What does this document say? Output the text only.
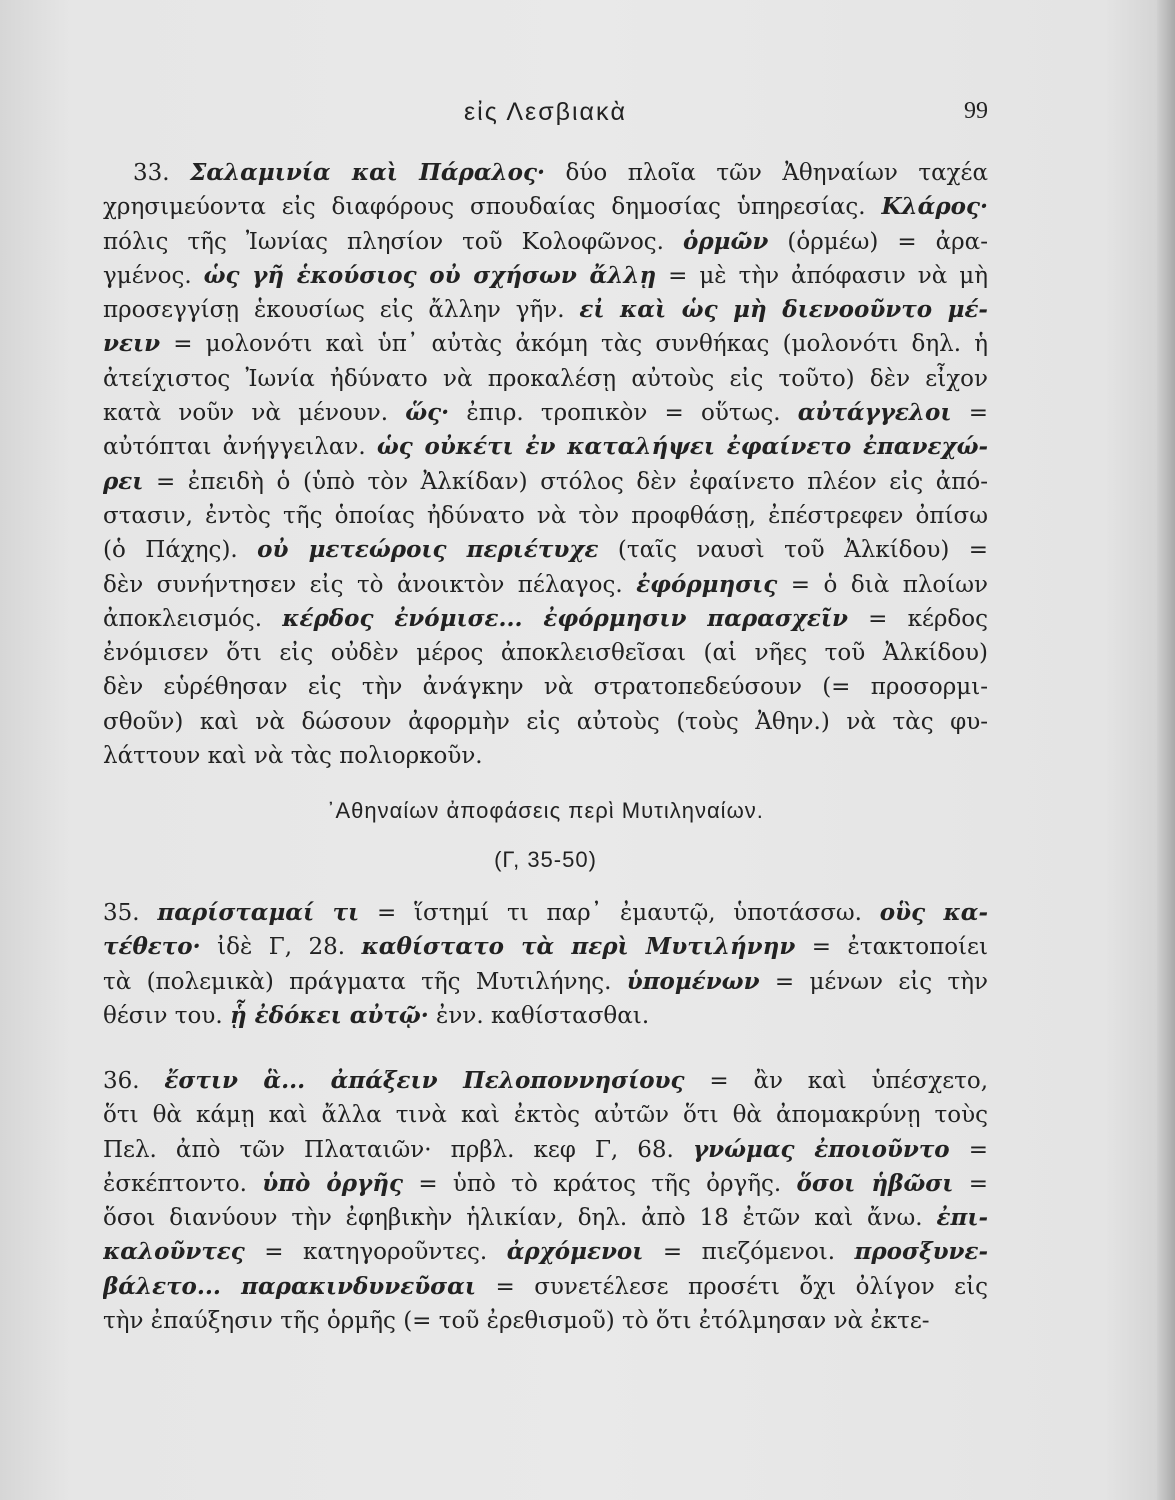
εἰς Λεσβιακὰ	99
33. Σαλαμινία καὶ Πάραλος· δύο πλοῖα τῶν Ἀθηναίων ταχέα
χρησιμεύοντα εἰς διαφόρους σπουδαίας δημοσίας ὑπηρεσίας. Κλάρος·
πόλις τῆς Ἰωνίας πλησίον τοῦ Κολοφῶνος. ὁρμῶν (ὁρμέω) = ἀρα-
γμένος. ὡς γῆ ἑκούσιος οὐ σχήσων ἄλλῃ = μὲ τὴν ἀπόφασιν νὰ μὴ
προσεγγίσῃ ἑκουσίως εἰς ἄλλην γῆν. εἰ καὶ ὡς μὴ διενοοῦντο μέ-
νειν = μολονότι καὶ ὑπ᾿ αὐτὰς ἀκόμη τὰς συνθήκας (μολονότι δηλ. ἡ
ἀτείχιστος Ἰωνία ἠδύνατο νὰ προκαλέσῃ αὐτοὺς εἰς τοῦτο) δὲν εἶχον
κατὰ νοῦν νὰ μένουν. ὥς· ἐπιρ. τροπικὸν = οὕτως. αὐτάγγελοι =
αὐτόπται ἀνήγγειλαν. ὡς οὐκέτι ἐν καταλήψει ἐφαίνετο ἐπανεχώ-
ρει = ἐπειδὴ ὁ (ὑπὸ τὸν Ἀλκίδαν) στόλος δὲν ἐφαίνετο πλέον εἰς ἀπό-
στασιν, ἐντὸς τῆς ὁποίας ἠδύνατο νὰ τὸν προφθάσῃ, ἐπέστρεφεν ὀπίσω
(ὁ Πάχης). οὐ μετεώροις περιέτυχε (ταῖς ναυσὶ τοῦ Ἀλκίδου) =
δὲν συνήντησεν εἰς τὸ ἀνοικτὸν πέλαγος. ἐφόρμησις = ὁ διὰ πλοίων
ἀποκλεισμός. κέρδος ἐνόμισε... ἐφόρμησιν παρασχεῖν = κέρδος
ἐνόμισεν ὅτι εἰς οὐδὲν μέρος ἀποκλεισθεῖσαι (αἱ νῆες τοῦ Ἀλκίδου)
δὲν εὑρέθησαν εἰς τὴν ἀνάγκην νὰ στρατοπεδεύσουν (= προσορμι-
σθοῦν) καὶ νὰ δώσουν ἀφορμὴν εἰς αὐτοὺς (τοὺς Ἀθην.) νὰ τὰς φυ-
λάττουν καὶ νὰ τὰς πολιορκοῦν.
᾿Αθηναίων ἀποφάσεις περὶ Μυτιληναίων.
(Γ, 35-50)
35. παρίσταμαί τι = ἵστημί τι παρ᾿ ἐμαυτῷ, ὑποτάσσω. οὓς κα-
τέθετο· ἰδὲ Γ, 28. καθίστατο τὰ περὶ Μυτιλήνην = ἐτακτοποίει
τὰ (πολεμικὰ) πράγματα τῆς Μυτιλήνης. ὑπομένων = μένων εἰς τὴν
θέσιν του. ᾗ ἐδόκει αὐτῷ· ἐνν. καθίστασθαι.
36. ἔστιν ἃ... ἀπάξειν Πελοποννησίους = ἂν καὶ ὑπέσχετο,
ὅτι θὰ κάμῃ καὶ ἄλλα τινὰ καὶ ἐκτὸς αὐτῶν ὅτι θὰ ἀπομακρύνῃ τοὺς
Πελ. ἀπὸ τῶν Πλαταιῶν· πρβλ. κεφ Γ, 68. γνώμας ἐποιοῦντο =
ἐσκέπτοντο. ὑπὸ ὀργῆς = ὑπὸ τὸ κράτος τῆς ὀργῆς. ὅσοι ἡβῶσι =
ὅσοι διανύουν τὴν ἐφηβικὴν ἡλικίαν, δηλ. ἀπὸ 18 ἐτῶν καὶ ἄνω. ἐπι-
καλοῦντες = κατηγοροῦντες. ἀρχόμενοι = πιεζόμενοι. προσξυνε-
βάλετο... παρακινδυνεῦσαι = συνετέλεσε προσέτι ὄχι ὀλίγον εἰς
τὴν ἐπαύξησιν τῆς ὁρμῆς (= τοῦ ἐρεθισμοῦ) τὸ ὅτι ἐτόλμησαν νὰ ἐκτε-
